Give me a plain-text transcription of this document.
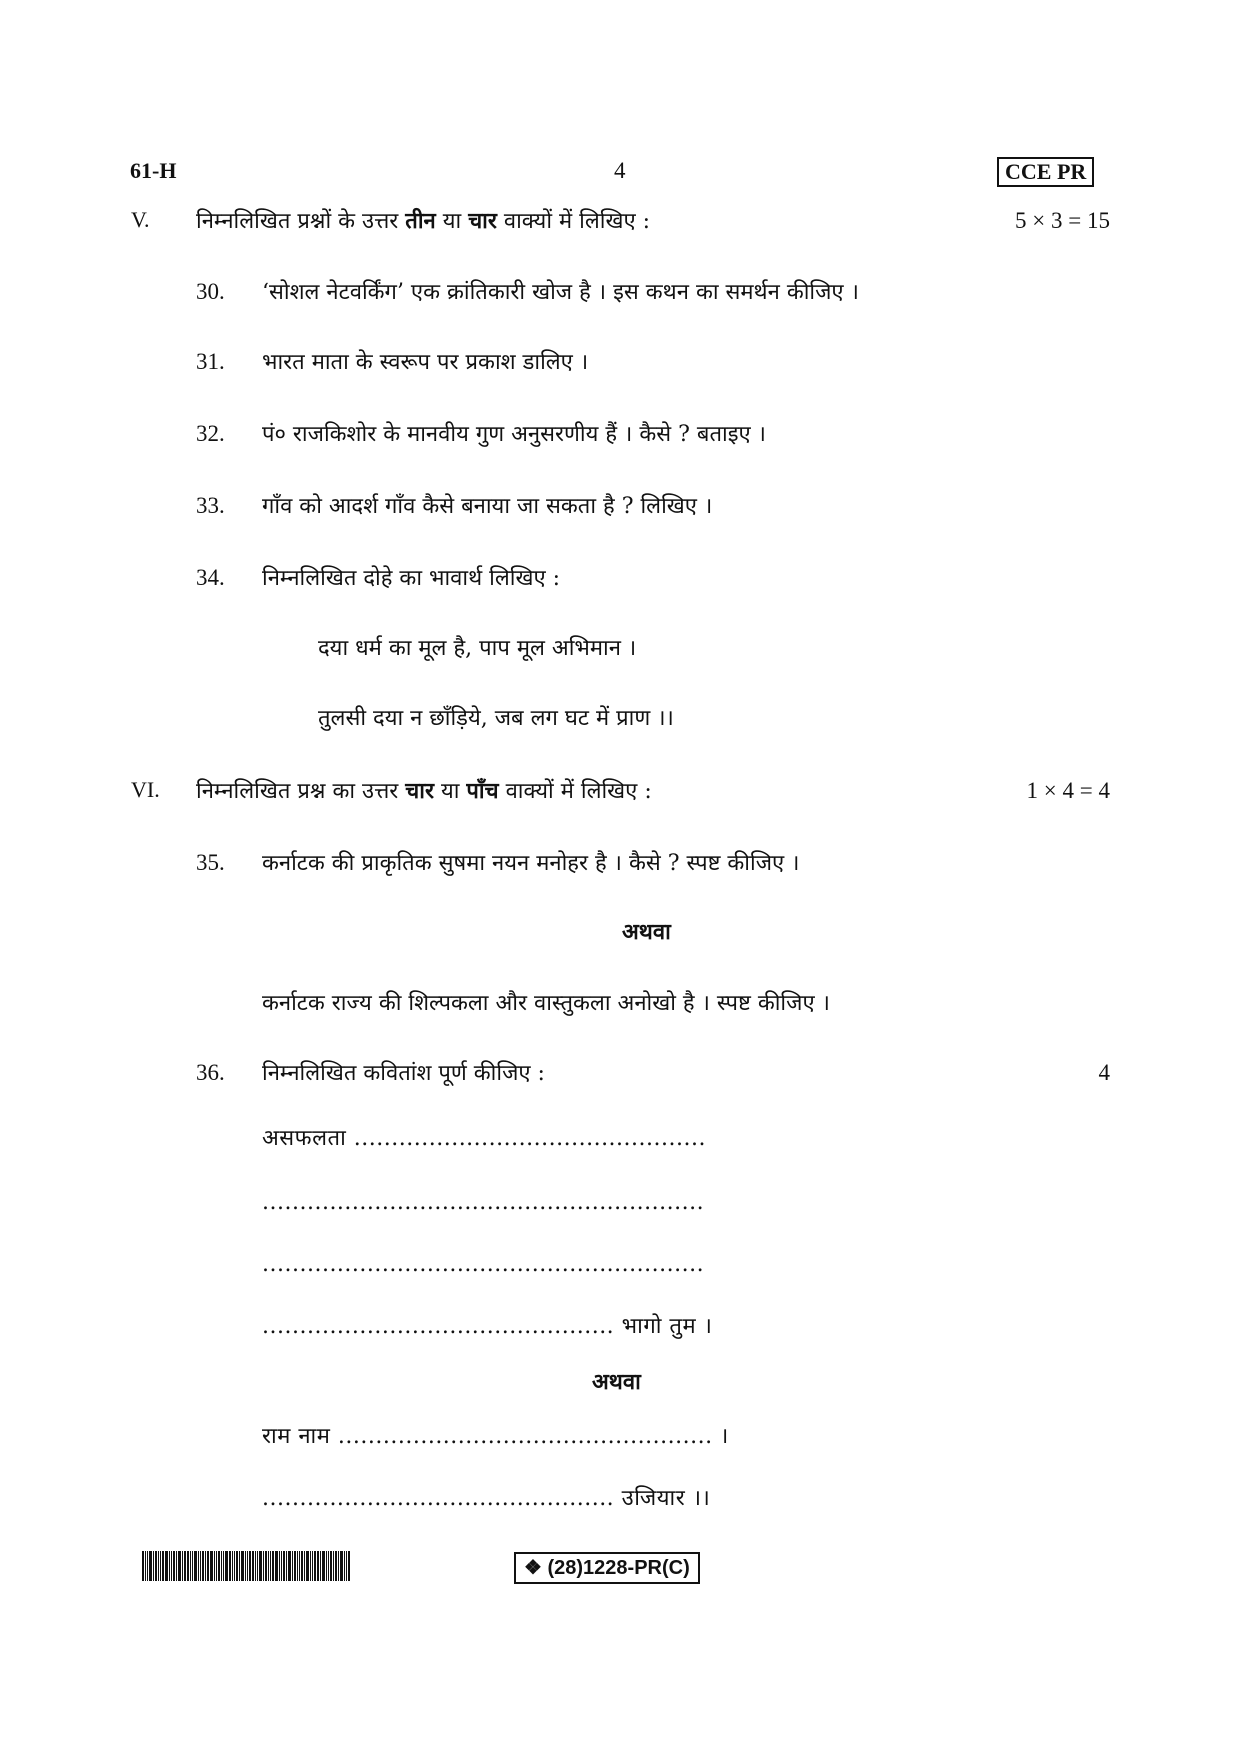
61-H	4	CCE PR
V. निम्नलिखित प्रश्नों के उत्तर तीन या चार वाक्यों में लिखिए :	5 × 3 = 15
30. ‘सोशल नेटवर्किंग’ एक क्रांतिकारी खोज है । इस कथन का समर्थन कीजिए ।
31. भारत माता के स्वरूप पर प्रकाश डालिए ।
32. पं० राजकिशोर के मानवीय गुण अनुसरणीय हैं । कैसे ? बताइए ।
33. गाँव को आदर्श गाँव कैसे बनाया जा सकता है ? लिखिए ।
34. निम्नलिखित दोहे का भावार्थ लिखिए :
दया धर्म का मूल है, पाप मूल अभिमान ।
तुलसी दया न छाँड़िये, जब लग घट में प्राण ।।
VI. निम्नलिखित प्रश्न का उत्तर चार या पाँच वाक्यों में लिखिए :	1 × 4 = 4
35. कर्नाटक की प्राकृतिक सुषमा नयन मनोहर है । कैसे ? स्पष्ट कीजिए ।
अथवा
कर्नाटक राज्य की शिल्पकला और वास्तुकला अनोखो है । स्पष्ट कीजिए ।
36. निम्नलिखित कवितांश पूर्ण कीजिए :	4
असफलता ...............................................
...........................................................
...........................................................
............................................... भागो तुम ।
अथवा
राम नाम .................................................. ।
............................................... उजियार ।।
❖ (28)1228-PR(C)
